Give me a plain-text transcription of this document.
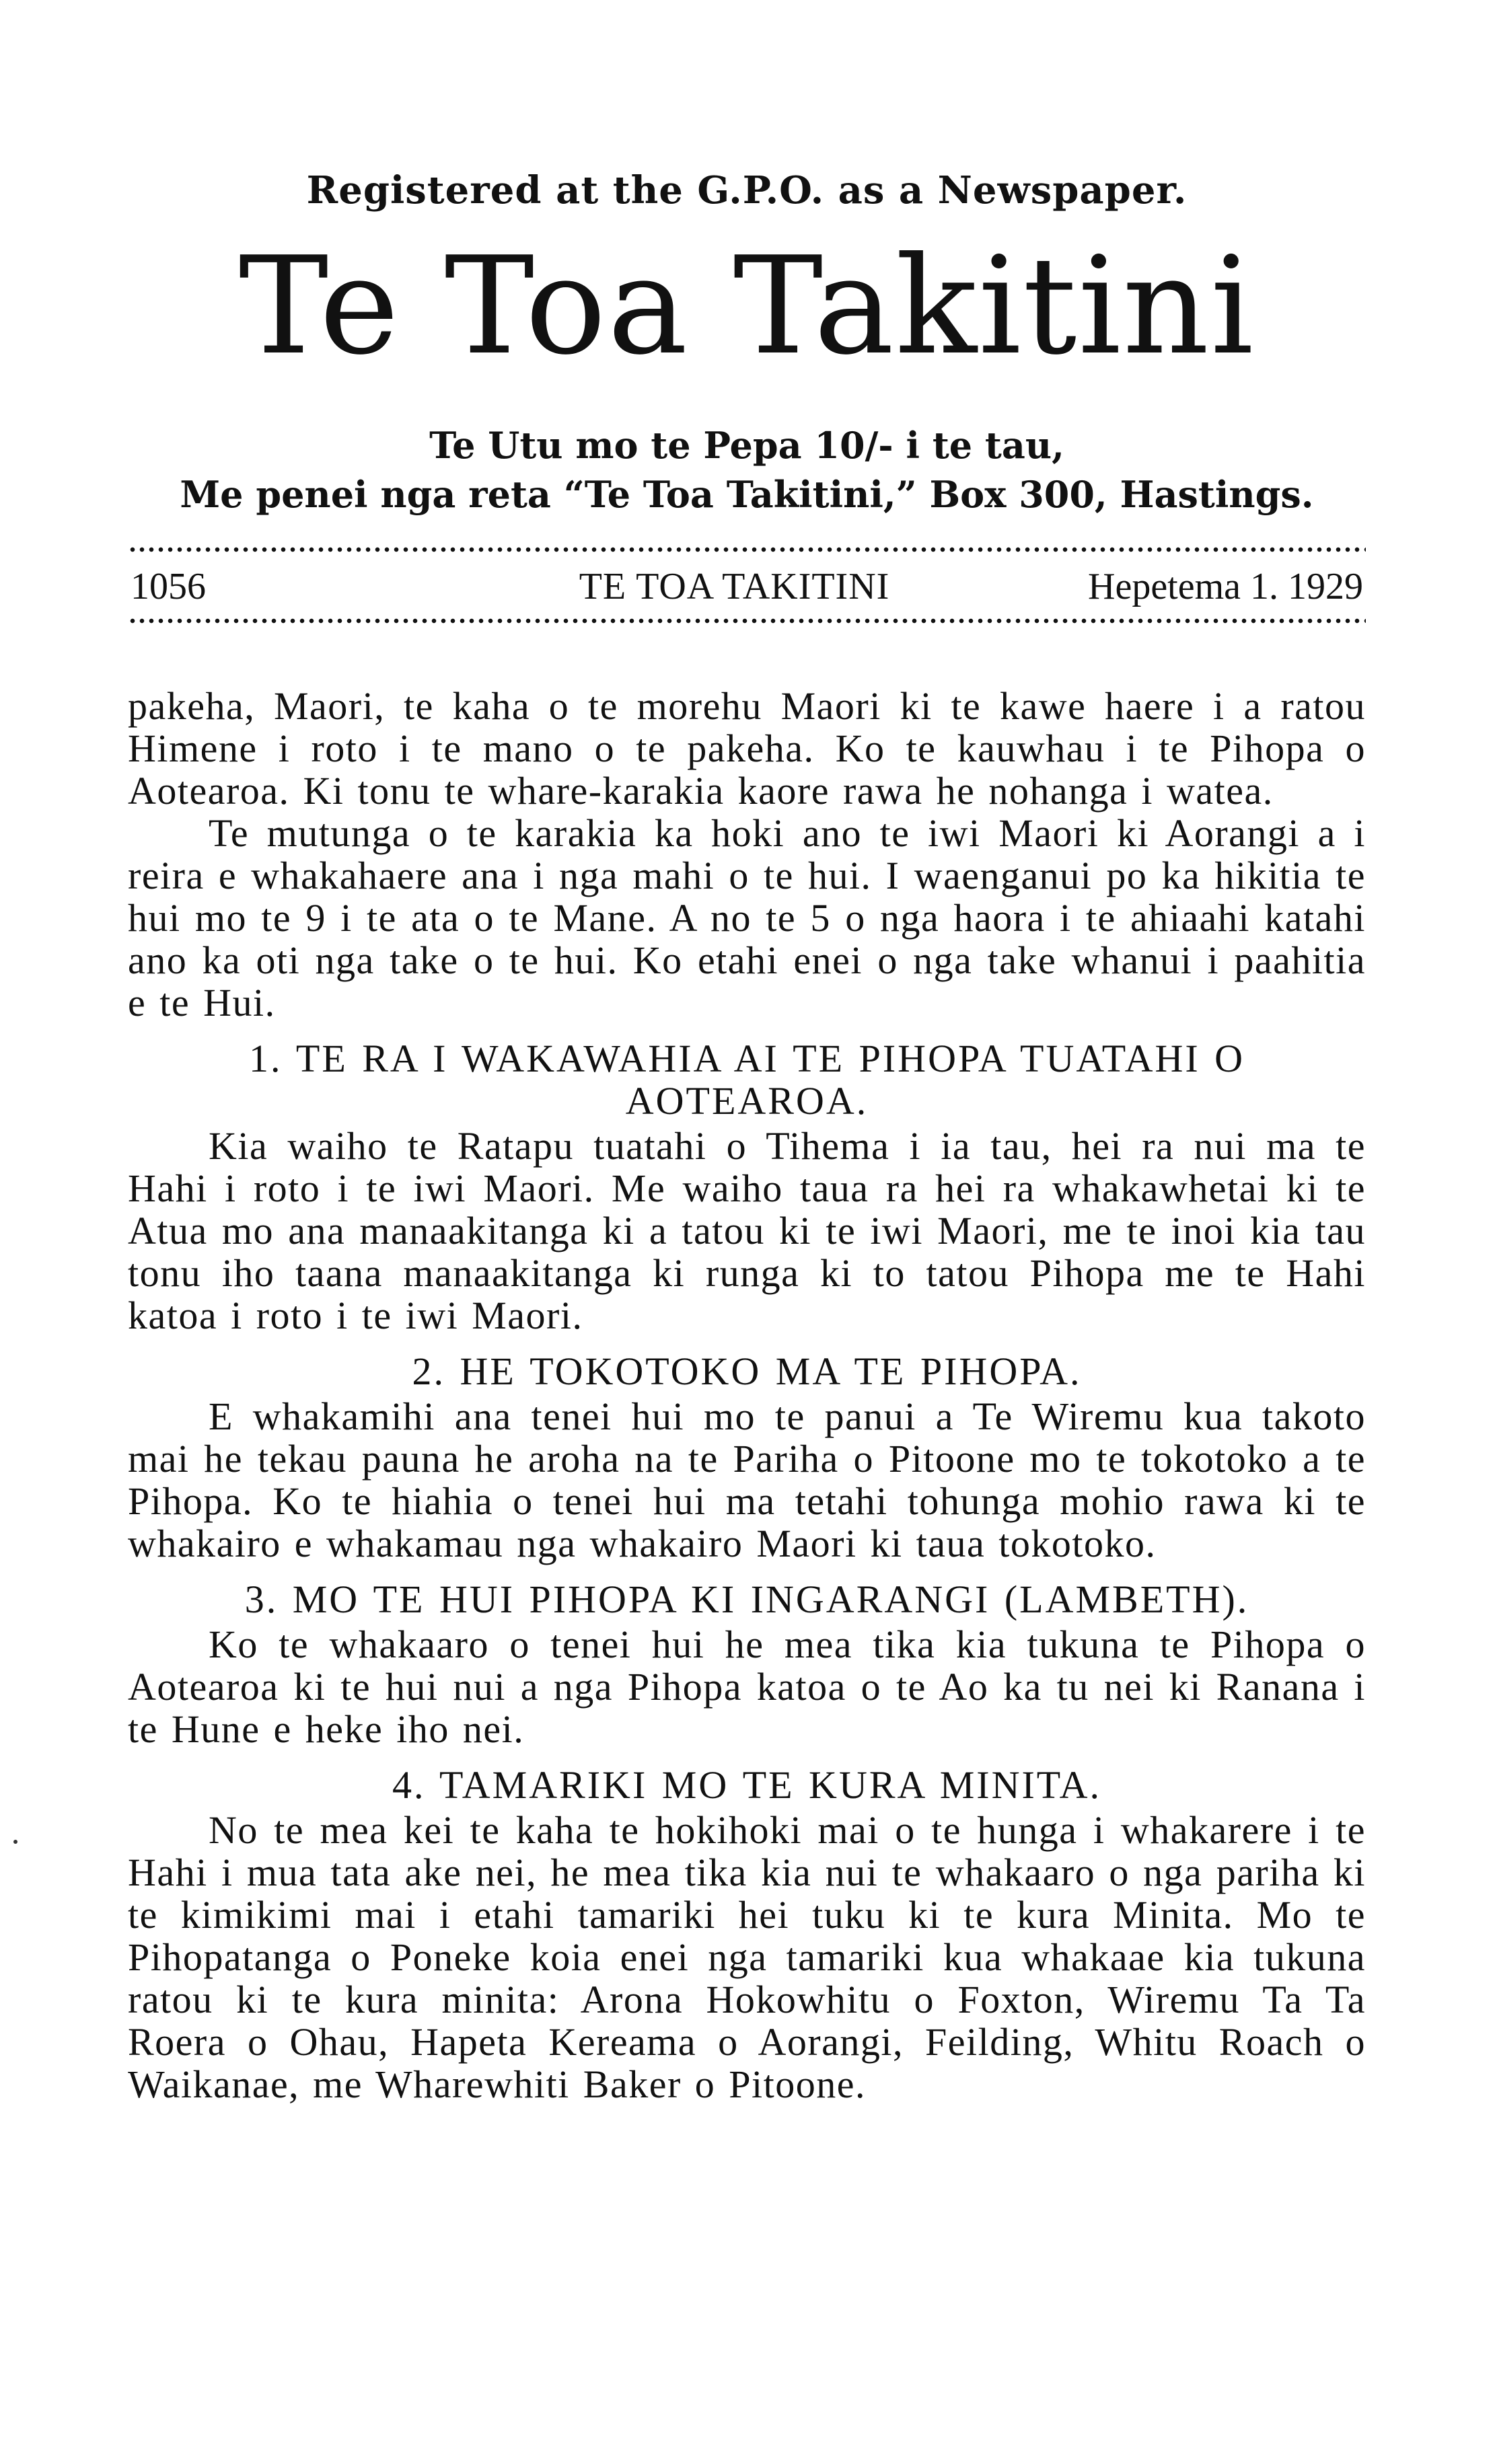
Registered at the G.P.O. as a Newspaper.
Te Toa Takitini
Te Utu mo te Pepa 10/- i te tau,
Me penei nga reta “Te Toa Takitini,” Box 300, Hastings.
1056	TE TOA TAKITINI	Hepetema 1. 1929

pakeha, Maori, te kaha o te morehu Maori ki te kawe haere i a ratou Himene i roto i te mano o te pakeha. Ko te kauwhau i te Pihopa o Aotearoa. Ki tonu te whare-karakia kaore rawa he nohanga i watea.

Te mutunga o te karakia ka hoki ano te iwi Maori ki Aorangi a i reira e whakahaere ana i nga mahi o te hui. I waenganui po ka hikitia te hui mo te 9 i te ata o te Mane. A no te 5 o nga haora i te ahiaahi katahi ano ka oti nga take o te hui. Ko etahi enei o nga take whanui i paahitia e te Hui.

1. TE RA I WAKAWAHIA AI TE PIHOPA TUATAHI O AOTEAROA.

Kia waiho te Ratapu tuatahi o Tihema i ia tau, hei ra nui ma te Hahi i roto i te iwi Maori. Me waiho taua ra hei ra whakawhetai ki te Atua mo ana manaakitanga ki a tatou ki te iwi Maori, me te inoi kia tau tonu iho taana manaakitanga ki runga ki to tatou Pihopa me te Hahi katoa i roto i te iwi Maori.

2. HE TOKOTOKO MA TE PIHOPA.

E whakamihi ana tenei hui mo te panui a Te Wiremu kua takoto mai he tekau pauna he aroha na te Pariha o Pitoone mo te tokotoko a te Pihopa. Ko te hiahia o tenei hui ma tetahi tohunga mohio rawa ki te whakairo e whakamau nga whakairo Maori ki taua tokotoko.

3. MO TE HUI PIHOPA KI INGARANGI (LAMBETH).

Ko te whakaaro o tenei hui he mea tika kia tukuna te Pihopa o Aotearoa ki te hui nui a nga Pihopa katoa o te Ao ka tu nei ki Ranana i te Hune e heke iho nei.

4. TAMARIKI MO TE KURA MINITA.

No te mea kei te kaha te hokihoki mai o te hunga i whakarere i te Hahi i mua tata ake nei, he mea tika kia nui te whakaaro o nga pariha ki te kimikimi mai i etahi tamariki hei tuku ki te kura Minita. Mo te Pihopatanga o Poneke koia enei nga tamariki kua whakaae kia tukuna ratou ki te kura minita: Arona Hokowhitu o Foxton, Wiremu Ta Ta Roera o Ohau, Hapeta Kereama o Aorangi, Feilding, Whitu Roach o Waikanae, me Wharewhiti Baker o Pitoone.
